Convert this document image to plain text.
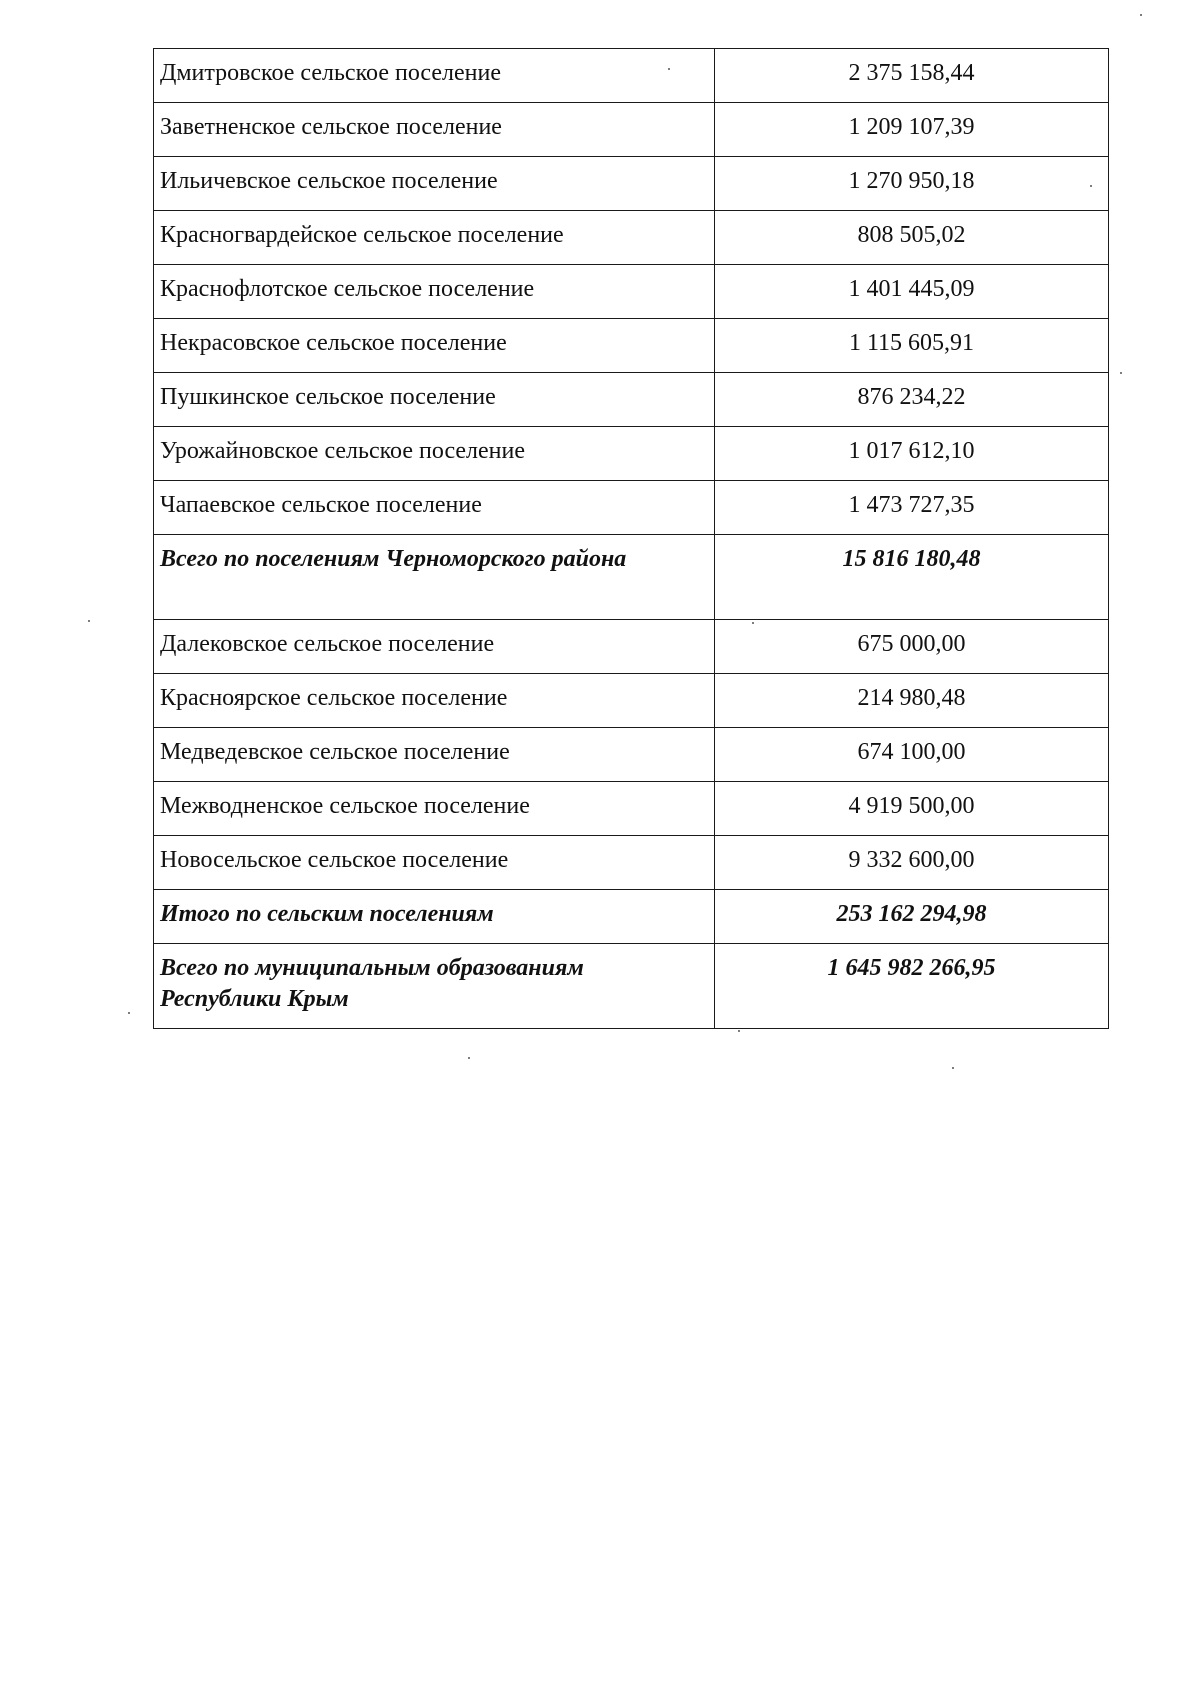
Дмитровское сельское поселение	2 375 158,44
Заветненское сельское поселение	1 209 107,39
Ильичевское сельское поселение	1 270 950,18
Красногвардейское сельское поселение	808 505,02
Краснофлотское сельское поселение	1 401 445,09
Некрасовское сельское поселение	1 115 605,91
Пушкинское сельское поселение	876 234,22
Урожайновское сельское поселение	1 017 612,10
Чапаевское сельское поселение	1 473 727,35
Всего по поселениям Черноморского района	15 816 180,48
Далековское сельское поселение	675 000,00
Красноярское сельское поселение	214 980,48
Медведевское сельское поселение	674 100,00
Межводненское сельское поселение	4 919 500,00
Новосельское сельское поселение	9 332 600,00
Итого по сельским поселениям	253 162 294,98
Всего по муниципальным образованиям Республики Крым	1 645 982 266,95
